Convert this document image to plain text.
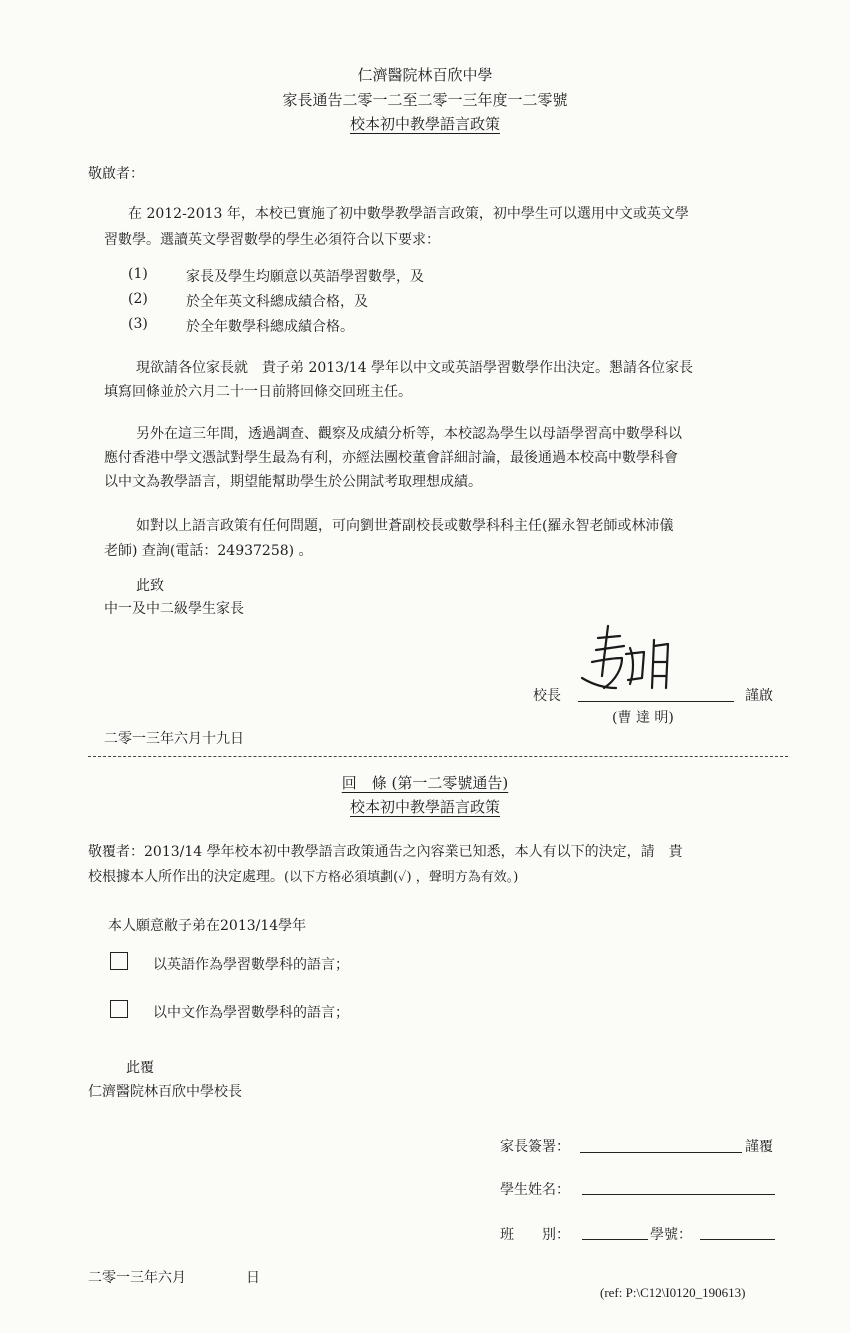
仁濟醫院林百欣中學
家長通告二零一二至二零一三年度一二零號
校本初中教學語言政策
敬啟者：
在 2012-2013 年，本校已實施了初中數學教學語言政策，初中學生可以選用中文或英文學
習數學。選讀英文學習數學的學生必須符合以下要求：
(1)	家長及學生均願意以英語學習數學，及
(2)	於全年英文科總成績合格，及
(3)	於全年數學科總成績合格。
現欲請各位家長就　貴子弟 2013/14 學年以中文或英語學習數學作出決定。懇請各位家長
填寫回條並於六月二十一日前將回條交回班主任。
另外在這三年間，透過調查、觀察及成績分析等，本校認為學生以母語學習高中數學科以
應付香港中學文憑試對學生最為有利，亦經法團校董會詳細討論，最後通過本校高中數學科會
以中文為教學語言，期望能幫助學生於公開試考取理想成績。
如對以上語言政策有任何問題，可向劉世蒼副校長或數學科科主任(羅永智老師或林沛儀
老師) 查詢(電話：24937258) 。
此致
中一及中二級學生家長
校長	謹啟
(曹 達 明)
二零一三年六月十九日
回　條 (第一二零號通告)
校本初中教學語言政策
敬覆者：2013/14 學年校本初中教學語言政策通告之內容業已知悉，本人有以下的決定，請　貴
校根據本人所作出的決定處理。(以下方格必須填劃(✓) ，聲明方為有效。)
本人願意敝子弟在2013/14學年
以英語作為學習數學科的語言；
以中文作為學習數學科的語言；
此覆
仁濟醫院林百欣中學校長
家長簽署：	謹覆
學生姓名：
班　　別：	學號：
二零一三年六月	日
(ref: P:\C12\I0120_190613)
